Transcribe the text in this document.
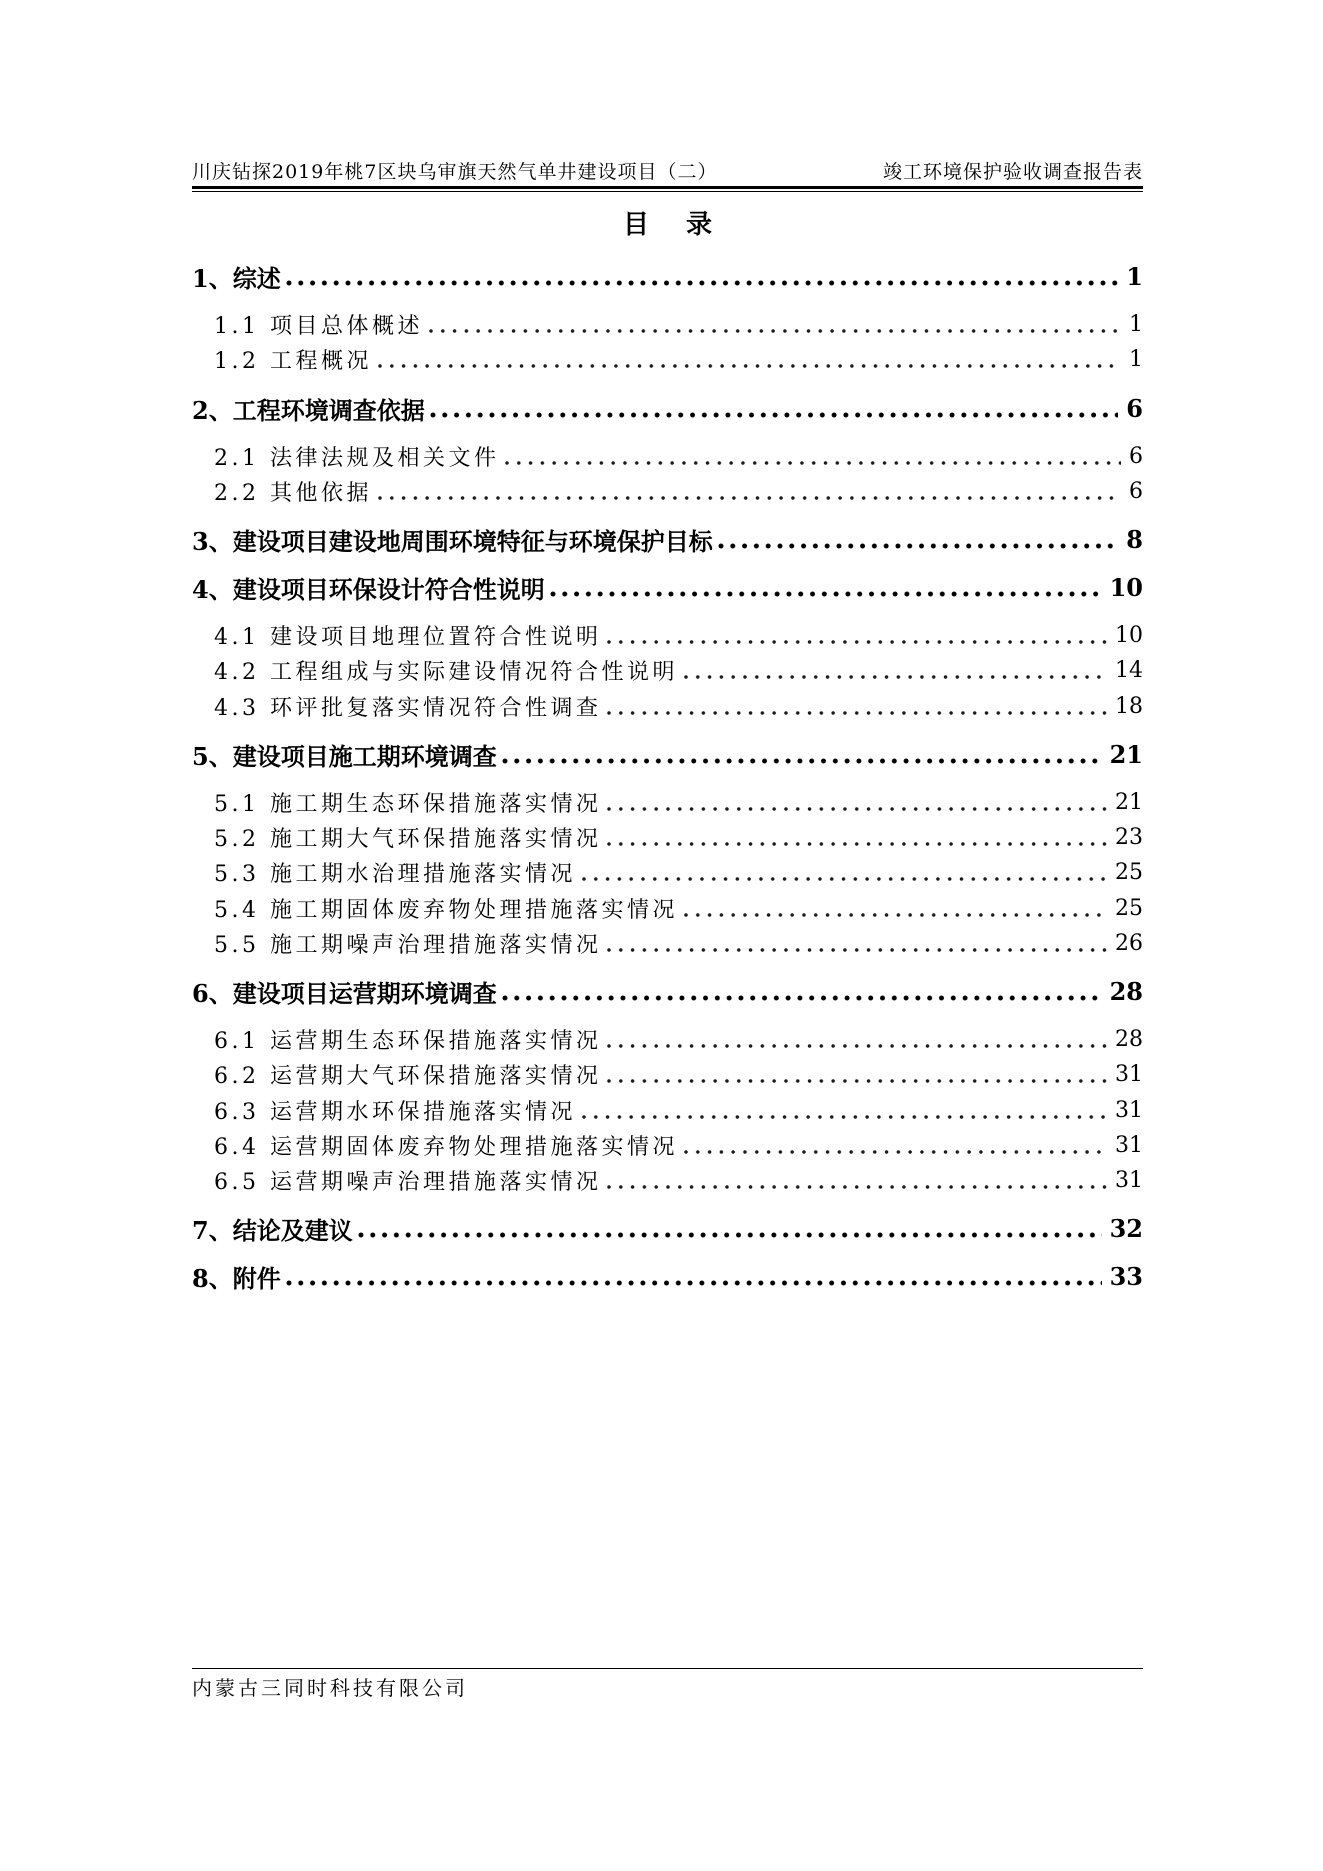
川庆钻探2019年桃7区块乌审旗天然气单井建设项目（二）	竣工环境保护验收调查报告表
目 录
1、综述	1
1.1 项目总体概述	1
1.2 工程概况	1
2、工程环境调查依据	6
2.1 法律法规及相关文件	6
2.2 其他依据	6
3、建设项目建设地周围环境特征与环境保护目标	8
4、建设项目环保设计符合性说明	10
4.1 建设项目地理位置符合性说明	10
4.2 工程组成与实际建设情况符合性说明	14
4.3 环评批复落实情况符合性调查	18
5、建设项目施工期环境调查	21
5.1 施工期生态环保措施落实情况	21
5.2 施工期大气环保措施落实情况	23
5.3 施工期水治理措施落实情况	25
5.4 施工期固体废弃物处理措施落实情况	25
5.5 施工期噪声治理措施落实情况	26
6、建设项目运营期环境调查	28
6.1 运营期生态环保措施落实情况	28
6.2 运营期大气环保措施落实情况	31
6.3 运营期水环保措施落实情况	31
6.4 运营期固体废弃物处理措施落实情况	31
6.5 运营期噪声治理措施落实情况	31
7、结论及建议	32
8、附件	33
内蒙古三同时科技有限公司
